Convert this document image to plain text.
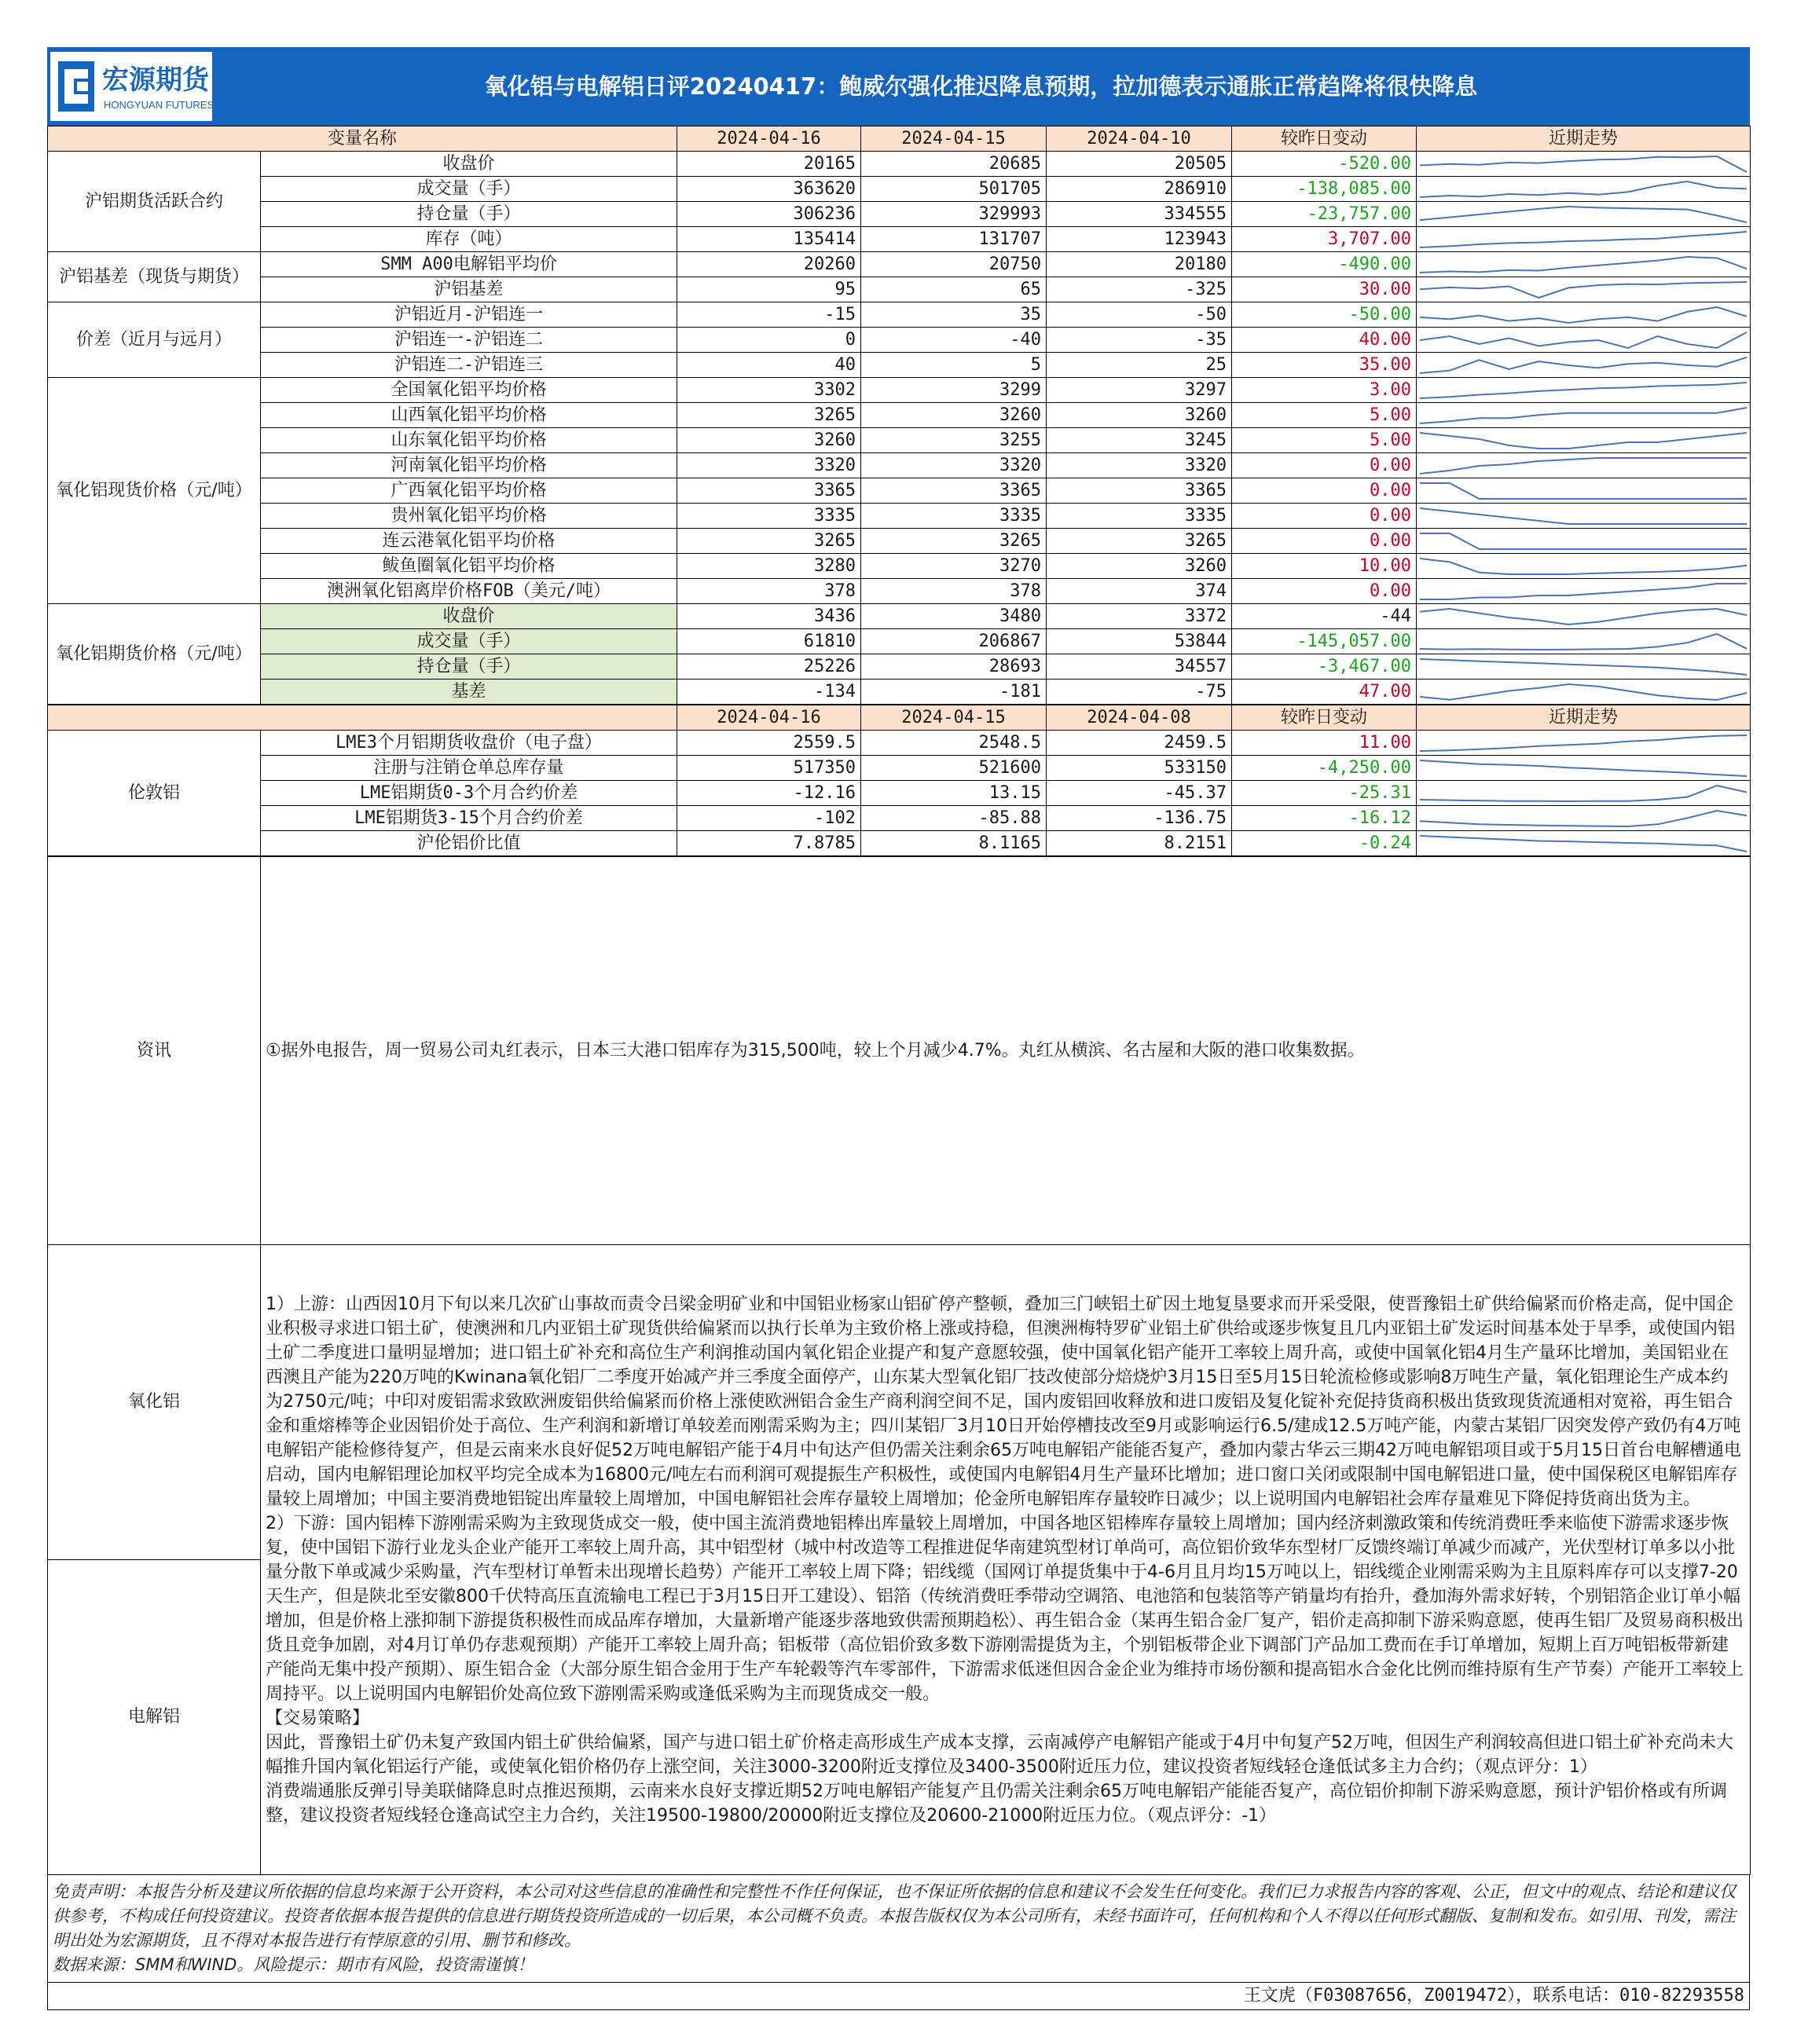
宏源期货
HONGYUAN FUTURES
氧化铝与电解铝日评20240417：鲍威尔强化推迟降息预期，拉加德表示通胀正常趋降将很快降息
变量名称		2024-04-16	2024-04-15	2024-04-10	较昨日变动	近期走势
沪铝期货活跃合约	收盘价	20165	20685	20505	-520.00	

	成交量（手）	363620	501705	286910	-138,085.00	

	持仓量（手）	306236	329993	334555	-23,757.00	

	库存（吨）	135414	131707	123943	3,707.00	

沪铝基差（现货与期货）	SMM A00电解铝平均价	20260	20750	20180	-490.00	

	沪铝基差	95	65	-325	30.00	

价差（近月与远月）	沪铝近月-沪铝连一	-15	35	-50	-50.00	

	沪铝连一-沪铝连二	0	-40	-35	40.00	

	沪铝连二-沪铝连三	40	5	25	35.00	

氧化铝现货价格（元/吨）	全国氧化铝平均价格	3302	3299	3297	3.00	

	山西氧化铝平均价格	3265	3260	3260	5.00	

	山东氧化铝平均价格	3260	3255	3245	5.00	

	河南氧化铝平均价格	3320	3320	3320	0.00	

	广西氧化铝平均价格	3365	3365	3365	0.00	

	贵州氧化铝平均价格	3335	3335	3335	0.00	

	连云港氧化铝平均价格	3265	3265	3265	0.00	

	鲅鱼圈氧化铝平均价格	3280	3270	3260	10.00	

	澳洲氧化铝离岸价格FOB（美元/吨）	378	378	374	0.00	

氧化铝期货价格（元/吨）	收盘价	3436	3480	3372	-44	

	成交量（手）	61810	206867	53844	-145,057.00	

	持仓量（手）	25226	28693	34557	-3,467.00	

	基差	-134	-181	-75	47.00	
		2024-04-16	2024-04-15	2024-04-08	较昨日变动	近期走势
伦敦铝	LME3个月铝期货收盘价（电子盘）	2559.5	2548.5	2459.5	11.00	

	注册与注销仓单总库存量	517350	521600	533150	-4,250.00	

	LME铝期货0-3个月合约价差	-12.16	13.15	-45.37	-25.31	

	LME铝期货3-15个月合约价差	-102	-85.88	-136.75	-16.12	

	沪伦铝价比值	7.8785	8.1165	8.2151	-0.24	
资讯	①据外电报告，周一贸易公司丸红表示，日本三大港口铝库存为315,500吨，较上个月减少4.7%。丸红从横滨、名古屋和大阪的港口收集数据。
氧化铝	1）上游：山西因10月下旬以来几次矿山事故而责令吕梁金明矿业和中国铝业杨家山铝矿停产整顿，叠加三门峡铝土矿因土地复垦要求而开采受限，使晋豫铝土矿供给偏紧而价格走高，促中国企业积极寻求进口铝土矿，使澳洲和几内亚铝土矿现货供给偏紧而以执行长单为主致价格上涨或持稳，但澳洲梅特罗矿业铝土矿供给或逐步恢复且几内亚铝土矿发运时间基本处于旱季，或使国内铝土矿二季度进口量明显增加；进口铝土矿补充和高位生产利润推动国内氧化铝企业提产和复产意愿较强，使中国氧化铝产能开工率较上周升高，或使中国氧化铝4月生产量环比增加，美国铝业在西澳且产能为220万吨的Kwinana氧化铝厂二季度开始减产并三季度全面停产，山东某大型氧化铝厂技改使部分焙烧炉3月15日至5月15日轮流检修或影响8万吨生产量，氧化铝理论生产成本约为2750元/吨；中印对废铝需求致欧洲废铝供给偏紧而价格上涨使欧洲铝合金生产商利润空间不足，国内废铝回收释放和进口废铝及复化锭补充促持货商积极出货致现货流通相对宽裕，再生铝合金和重熔棒等企业因铝价处于高位、生产利润和新增订单较差而刚需采购为主；四川某铝厂3月10日开始停槽技改至9月或影响运行6.5/建成12.5万吨产能，内蒙古某铝厂因突发停产致仍有4万吨电解铝产能检修待复产，但是云南来水良好促52万吨电解铝产能于4月中旬达产但仍需关注剩余65万吨电解铝产能能否复产，叠加内蒙古华云三期42万吨电解铝项目或于5月15日首台电解槽通电启动，国内电解铝理论加权平均完全成本为16800元/吨左右而利润可观提振生产积极性，或使国内电解铝4月生产量环比增加；进口窗口关闭或限制中国电解铝进口量，使中国保税区电解铝库存量较上周增加；中国主要消费地铝锭出库量较上周增加，中国电解铝社会库存量较上周增加；伦金所电解铝库存量较昨日减少；以上说明国内电解铝社会库存量难见下降促持货商出货为主。
2）下游：国内铝棒下游刚需采购为主致现货成交一般，使中国主流消费地铝棒出库量较上周增加，中国各地区铝棒库存量较上周增加；国内经济刺激政策和传统消费旺季来临使下游需求逐步恢复，使中国铝下游行业龙头企业产能开工率较上周升高，其中铝型材（城中村改造等工程推进促华南建筑型材订单尚可，高位铝价致华东型材厂反馈终端订单减少而减产，光伏型材订单多以小批量分散下单或减少采购量，汽车型材订单暂未出现增长趋势）产能开工率较上周下降；铝线缆（国网订单提货集中于4-6月且月均15万吨以上，铝线缆企业刚需采购为主且原料库存可以支撑7-20天生产，但是陕北至安徽800千伏特高压直流输电工程已于3月15日开工建设）、铝箔（传统消费旺季带动空调箔、电池箔和包装箔等产销量均有抬升，叠加海外需求好转，个别铝箔企业订单小幅增加，但是价格上涨抑制下游提货积极性而成品库存增加，大量新增产能逐步落地致供需预期趋松）、再生铝合金（某再生铝合金厂复产，铝价走高抑制下游采购意愿，使再生铝厂及贸易商积极出货且竞争加剧，对4月订单仍存悲观预期）产能开工率较上周升高；铝板带（高位铝价致多数下游刚需提货为主，个别铝板带企业下调部门产品加工费而在手订单增加，短期上百万吨铝板带新建产能尚无集中投产预期）、原生铝合金（大部分原生铝合金用于生产车轮毂等汽车零部件，下游需求低迷但因合金企业为维持市场份额和提高铝水合金化比例而维持原有生产节奏）产能开工率较上周持平。以上说明国内电解铝价处高位致下游刚需采购或逢低采购为主而现货成交一般。
【交易策略】
因此，晋豫铝土矿仍未复产致国内铝土矿供给偏紧，国产与进口铝土矿价格走高形成生产成本支撑，云南减停产电解铝产能或于4月中旬复产52万吨，但因生产利润较高但进口铝土矿补充尚未大幅推升国内氧化铝运行产能，或使氧化铝价格仍存上涨空间，关注3000-3200附近支撑位及3400-3500附近压力位，建议投资者短线轻仓逢低试多主力合约；（观点评分：1）
消费端通胀反弹引导美联储降息时点推迟预期，云南来水良好支撑近期52万吨电解铝产能复产且仍需关注剩余65万吨电解铝产能能否复产，高位铝价抑制下游采购意愿，预计沪铝价格或有所调整，建议投资者短线轻仓逢高试空主力合约，关注19500-19800/20000附近支撑位及20600-21000附近压力位。（观点评分：-1）

电解铝	
免责声明：本报告分析及建议所依据的信息均来源于公开资料，本公司对这些信息的准确性和完整性不作任何保证，也不保证所依据的信息和建议不会发生任何变化。我们已力求报告内容的客观、公正，但文中的观点、结论和建议仅供参考，不构成任何投资建议。投资者依据本报告提供的信息进行期货投资所造成的一切后果，本公司概不负责。本报告版权仅为本公司所有，未经书面许可，任何机构和个人不得以任何形式翻版、复制和发布。如引用、刊发，需注明出处为宏源期货，且不得对本报告进行有悖原意的引用、删节和修改。
数据来源：SMM和WIND。风险提示：期市有风险，投资需谨慎！
王文虎（F03087656，Z0019472），联系电话：010-82293558
